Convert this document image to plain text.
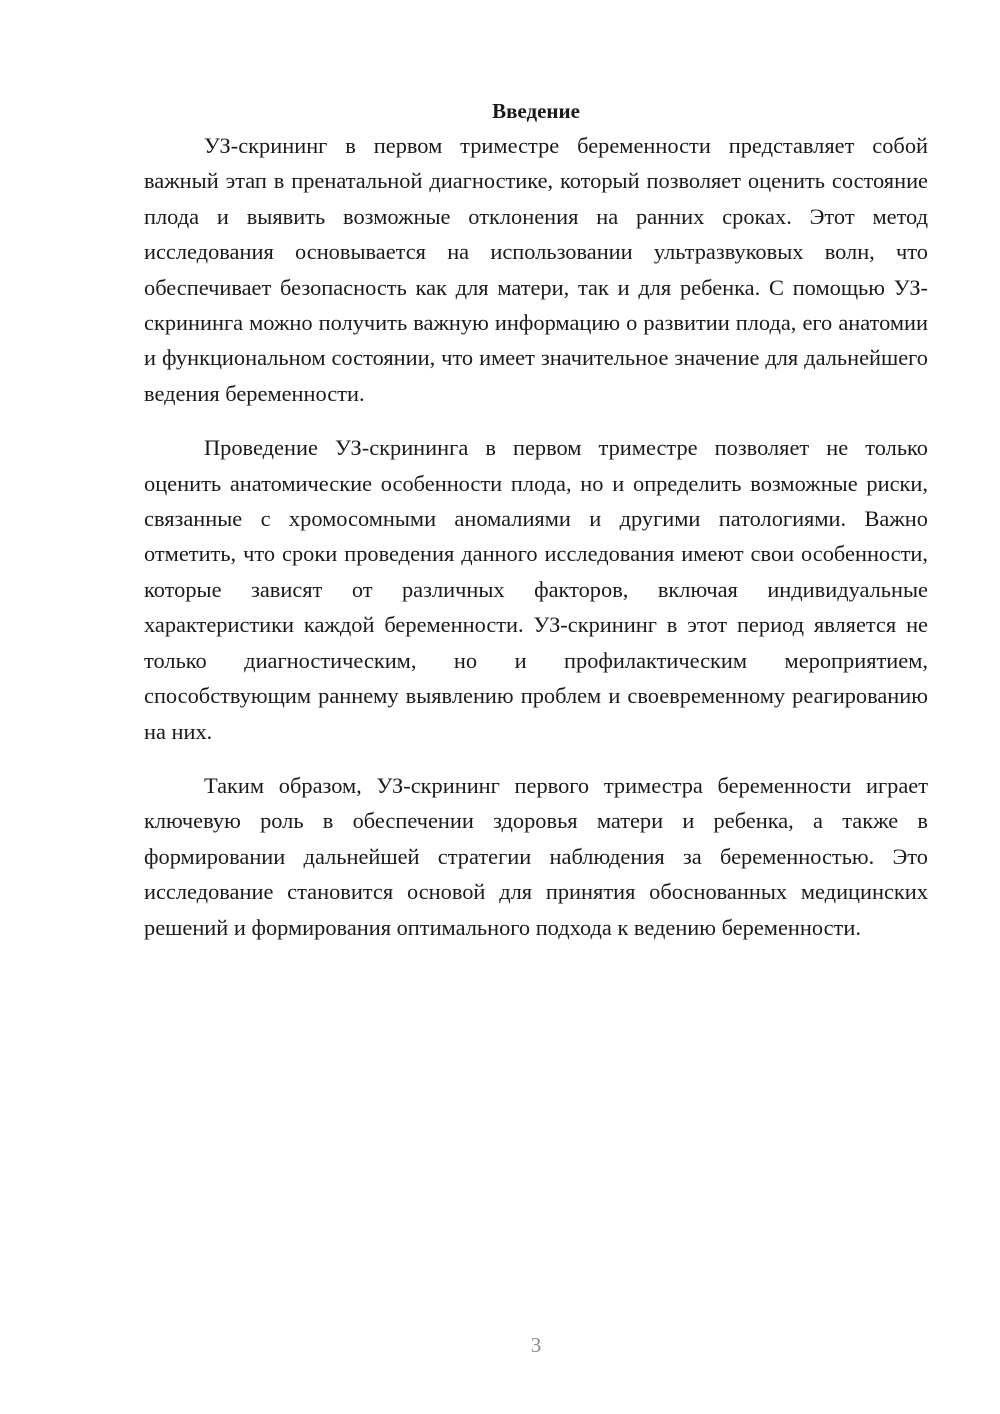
Введение

УЗ-скрининг в первом триместре беременности представляет собой важный этап в пренатальной диагностике, который позволяет оценить состояние плода и выявить возможные отклонения на ранних сроках. Этот метод исследования основывается на использовании ультразвуковых волн, что обеспечивает безопасность как для матери, так и для ребенка. С помощью УЗ-скрининга можно получить важную информацию о развитии плода, его анатомии и функциональном состоянии, что имеет значительное значение для дальнейшего ведения беременности.

Проведение УЗ-скрининга в первом триместре позволяет не только оценить анатомические особенности плода, но и определить возможные риски, связанные с хромосомными аномалиями и другими патологиями. Важно отметить, что сроки проведения данного исследования имеют свои особенности, которые зависят от различных факторов, включая индивидуальные характеристики каждой беременности. УЗ-скрининг в этот период является не только диагностическим, но и профилактическим мероприятием, способствующим раннему выявлению проблем и своевременному реагированию на них.

Таким образом, УЗ-скрининг первого триместра беременности играет ключевую роль в обеспечении здоровья матери и ребенка, а также в формировании дальнейшей стратегии наблюдения за беременностью. Это исследование становится основой для принятия обоснованных медицинских решений и формирования оптимального подхода к ведению беременности.

3
